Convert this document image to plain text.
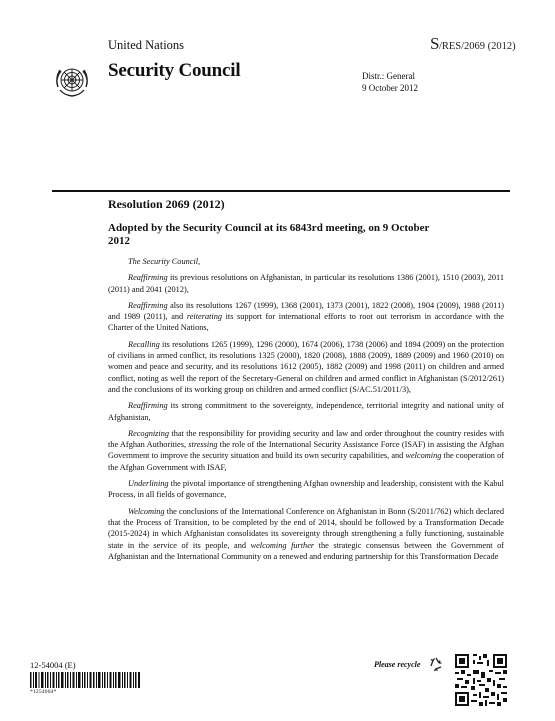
United Nations	S/RES/2069 (2012)
Security Council	Distr.: General
9 October 2012
Resolution 2069 (2012)
Adopted by the Security Council at its 6843rd meeting, on 9 October 2012

The Security Council,

Reaffirming its previous resolutions on Afghanistan, in particular its resolutions 1386 (2001), 1510 (2003), 2011 (2011) and 2041 (2012),

Reaffirming also its resolutions 1267 (1999), 1368 (2001), 1373 (2001), 1822 (2008), 1904 (2009), 1988 (2011) and 1989 (2011), and reiterating its support for international efforts to root out terrorism in accordance with the Charter of the United Nations,

Recalling its resolutions 1265 (1999), 1296 (2000), 1674 (2006), 1738 (2006) and 1894 (2009) on the protection of civilians in armed conflict, its resolutions 1325 (2000), 1820 (2008), 1888 (2009), 1889 (2009) and 1960 (2010) on women and peace and security, and its resolutions 1612 (2005), 1882 (2009) and 1998 (2011) on children and armed conflict, noting as well the report of the Secretary-General on children and armed conflict in Afghanistan (S/2012/261) and the conclusions of its working group on children and armed conflict (S/AC.51/2011/3),

Reaffirming its strong commitment to the sovereignty, independence, territorial integrity and national unity of Afghanistan,

Recognizing that the responsibility for providing security and law and order throughout the country resides with the Afghan Authorities, stressing the role of the International Security Assistance Force (ISAF) in assisting the Afghan Government to improve the security situation and build its own security capabilities, and welcoming the cooperation of the Afghan Government with ISAF,

Underlining the pivotal importance of strengthening Afghan ownership and leadership, consistent with the Kabul Process, in all fields of governance,

Welcoming the conclusions of the International Conference on Afghanistan in Bonn (S/2011/762) which declared that the Process of Transition, to be completed by the end of 2014, should be followed by a Transformation Decade (2015-2024) in which Afghanistan consolidates its sovereignty through strengthening a fully functioning, sustainable state in the service of its people, and welcoming further the strategic consensus between the Government of Afghanistan and the International Community on a renewed and enduring partnership for this Transformation Decade

12-54004 (E)
*1254004*
Please recycle
